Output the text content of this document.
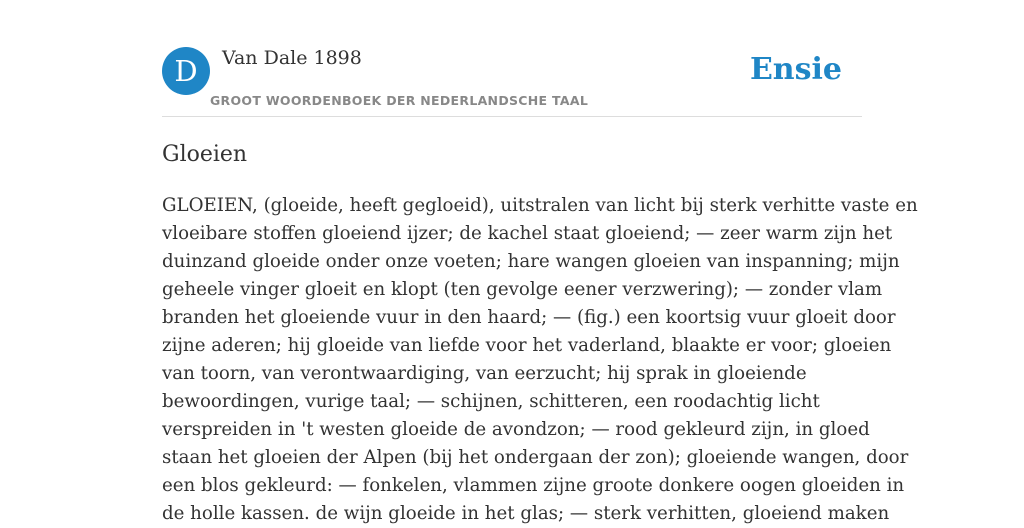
D	Van Dale 1898
GROOT WOORDENBOEK DER NEDERLANDSCHE TAAL
Ensie
Gloeien
GLOEIEN, (gloeide, heeft gegloeid), uitstralen van licht bij sterk verhitte vaste en
vloeibare stoffen gloeiend ijzer; de kachel staat gloeiend; — zeer warm zijn het
duinzand gloeide onder onze voeten; hare wangen gloeien van inspanning; mijn
geheele vinger gloeit en klopt (ten gevolge eener verzwering); — zonder vlam
branden het gloeiende vuur in den haard; — (fig.) een koortsig vuur gloeit door
zijne aderen; hij gloeide van liefde voor het vaderland, blaakte er voor; gloeien
van toorn, van verontwaardiging, van eerzucht; hij sprak in gloeiende
bewoordingen, vurige taal; — schijnen, schitteren, een roodachtig licht
verspreiden in 't westen gloeide de avondzon; — rood gekleurd zijn, in gloed
staan het gloeien der Alpen (bij het ondergaan der zon); gloeiende wangen, door
een blos gekleurd: — fonkelen, vlammen zijne groote donkere oogen gloeiden in
de holle kassen. de wijn gloeide in het glas; — sterk verhitten, gloeiend maken
